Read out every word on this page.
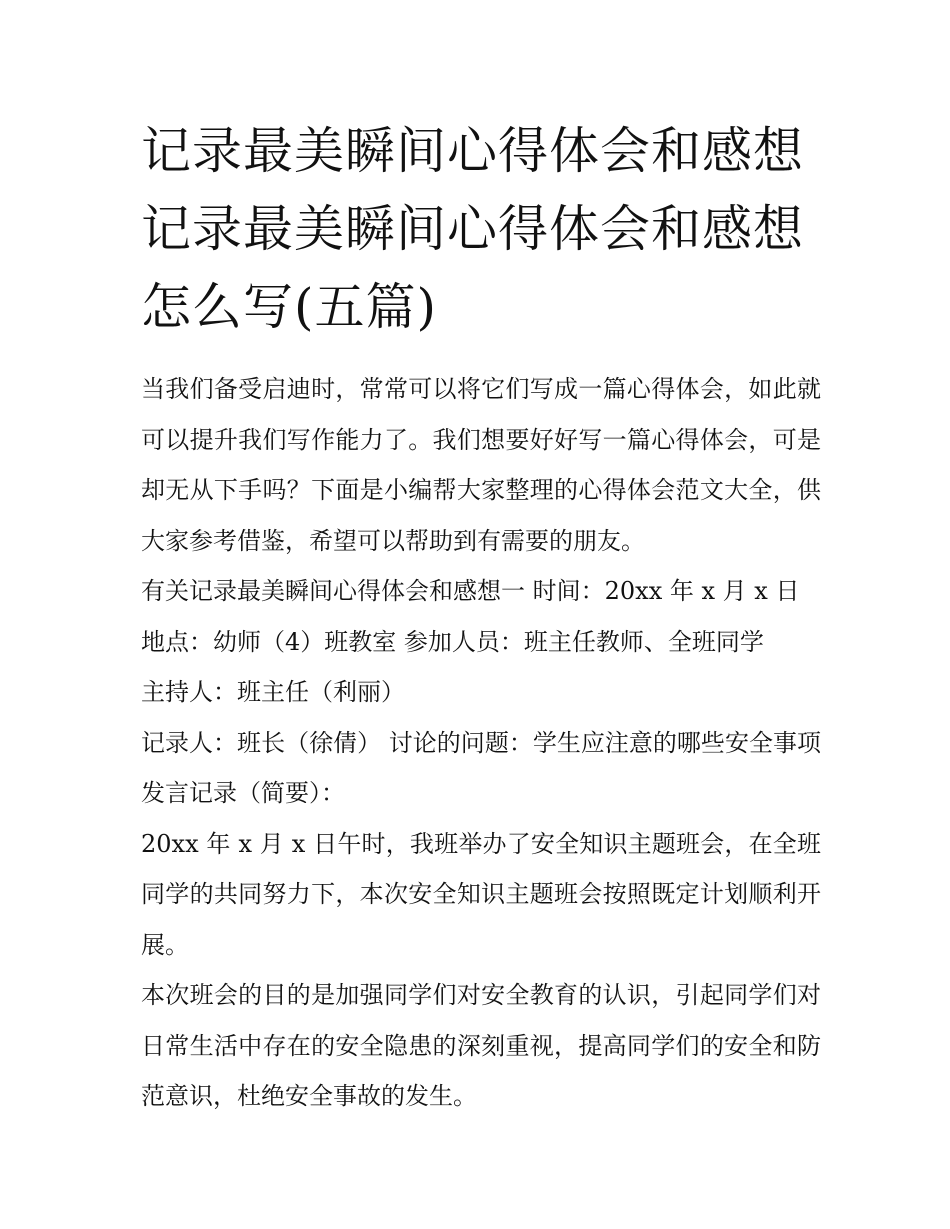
记录最美瞬间心得体会和感想记录最美瞬间心得体会和感想怎么写(五篇)

当我们备受启迪时，常常可以将它们写成一篇心得体会，如此就可以提升我们写作能力了。我们想要好好写一篇心得体会，可是却无从下手吗？下面是小编帮大家整理的心得体会范文大全，供大家参考借鉴，希望可以帮助到有需要的朋友。

有关记录最美瞬间心得体会和感想一 时间：20xx 年 x 月 x 日

地点：幼师（4）班教室 参加人员：班主任教师、全班同学

主持人：班主任（利丽）

记录人：班长（徐倩） 讨论的问题：学生应注意的哪些安全事项 发言记录（简要）：

20xx 年 x 月 x 日午时，我班举办了安全知识主题班会，在全班同学的共同努力下，本次安全知识主题班会按照既定计划顺利开展。

本次班会的目的是加强同学们对安全教育的认识，引起同学们对日常生活中存在的安全隐患的深刻重视，提高同学们的安全和防范意识，杜绝安全事故的发生。
